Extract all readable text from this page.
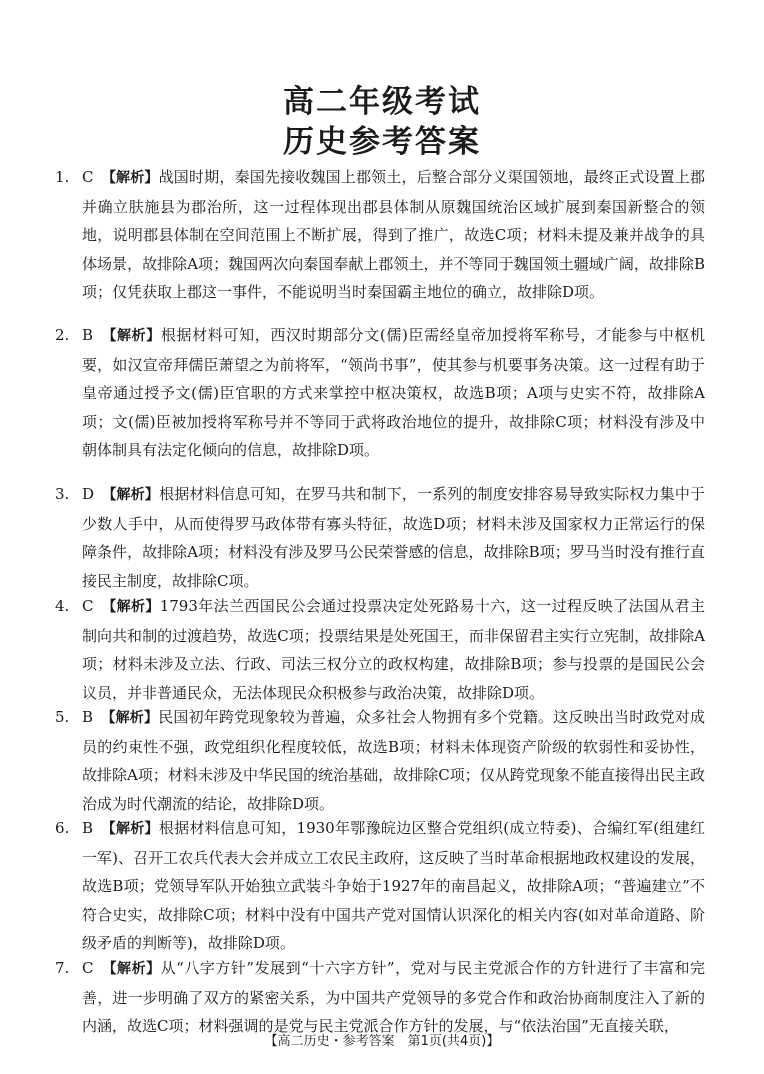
高二年级考试
历史参考答案

1. C　 【解析】战国时期，秦国先接收魏国上郡领土，后整合部分义渠国领地，最终正式设置上郡并确立肤施县为郡治所，这一过程体现出郡县体制从原魏国统治区域扩展到秦国新整合的领地，说明郡县体制在空间范围上不断扩展，得到了推广，故选C项；材料未提及兼并战争的具体场景，故排除A项；魏国两次向秦国奉献上郡领土，并不等同于魏国领土疆域广阔，故排除B项；仅凭获取上郡这一事件，不能说明当时秦国霸主地位的确立，故排除D项。

2. B　 【解析】根据材料可知，西汉时期部分文(儒)臣需经皇帝加授将军称号，才能参与中枢机要，如汉宣帝拜儒臣萧望之为前将军，“领尚书事”，使其参与机要事务决策。这一过程有助于皇帝通过授予文(儒)臣官职的方式来掌控中枢决策权，故选B项；A项与史实不符，故排除A项；文(儒)臣被加授将军称号并不等同于武将政治地位的提升，故排除C项；材料没有涉及中朝体制具有法定化倾向的信息，故排除D项。

3. D　 【解析】根据材料信息可知，在罗马共和制下，一系列的制度安排容易导致实际权力集中于少数人手中，从而使得罗马政体带有寡头特征，故选D项；材料未涉及国家权力正常运行的保障条件，故排除A项；材料没有涉及罗马公民荣誉感的信息，故排除B项；罗马当时没有推行直接民主制度，故排除C项。

4. C　 【解析】1793年法兰西国民公会通过投票决定处死路易十六，这一过程反映了法国从君主制向共和制的过渡趋势，故选C项；投票结果是处死国王，而非保留君主实行立宪制，故排除A项；材料未涉及立法、行政、司法三权分立的政权构建，故排除B项；参与投票的是国民公会议员，并非普通民众，无法体现民众积极参与政治决策，故排除D项。

5. B　 【解析】民国初年跨党现象较为普遍，众多社会人物拥有多个党籍。这反映出当时政党对成员的约束性不强，政党组织化程度较低，故选B项；材料未体现资产阶级的软弱性和妥协性，故排除A项；材料未涉及中华民国的统治基础，故排除C项；仅从跨党现象不能直接得出民主政治成为时代潮流的结论，故排除D项。

6. B　 【解析】根据材料信息可知，1930年鄂豫皖边区整合党组织(成立特委)、合编红军(组建红一军)、召开工农兵代表大会并成立工农民主政府，这反映了当时革命根据地政权建设的发展，故选B项；党领导军队开始独立武装斗争始于1927年的南昌起义，故排除A项；“普遍建立”不符合史实，故排除C项；材料中没有中国共产党对国情认识深化的相关内容(如对革命道路、阶级矛盾的判断等)，故排除D项。

7. C　 【解析】从“八字方针”发展到“十六字方针”，党对与民主党派合作的方针进行了丰富和完善，进一步明确了双方的紧密关系，为中国共产党领导的多党合作和政治协商制度注入了新的内涵，故选C项；材料强调的是党与民主党派合作方针的发展，与“依法治国”无直接关联，

【高二历史・参考答案　第1页(共4页)】
